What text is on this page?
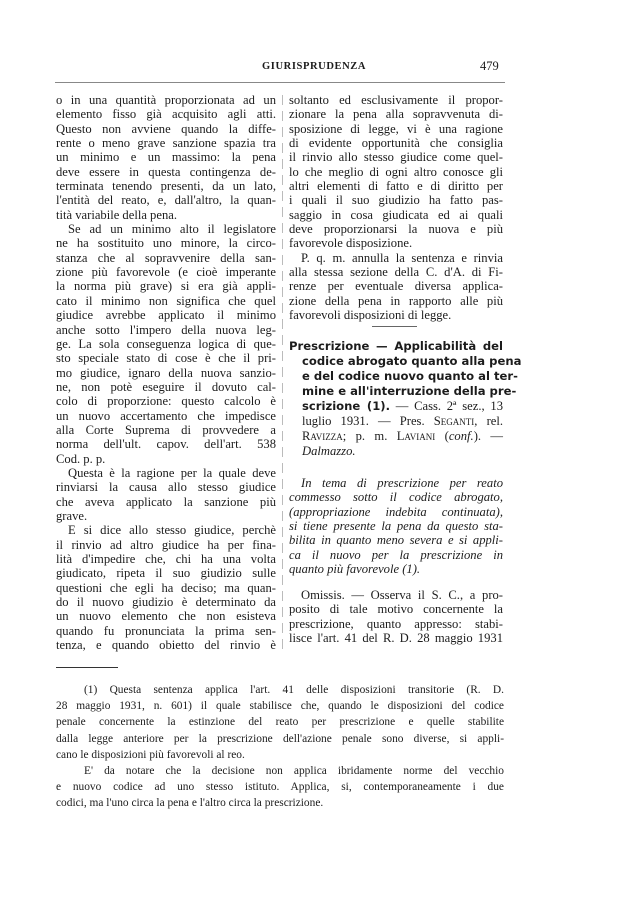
GIURISPRUDENZA	479
o in una quantità proporzionata ad un
elemento fisso già acquisito agli atti.
Questo non avviene quando la diffe-
rente o meno grave sanzione spazia tra
un minimo e un massimo: la pena
deve essere in questa contingenza de-
terminata tenendo presenti, da un lato,
l'entità del reato, e, dall'altro, la quan-
tità variabile della pena.
Se ad un minimo alto il legislatore
ne ha sostituito uno minore, la circo-
stanza che al sopravvenire della san-
zione più favorevole (e cioè imperante
la norma più grave) si era già appli-
cato il minimo non significa che quel
giudice avrebbe applicato il minimo
anche sotto l'impero della nuova leg-
ge. La sola conseguenza logica di que-
sto speciale stato di cose è che il pri-
mo giudice, ignaro della nuova sanzio-
ne, non potè eseguire il dovuto cal-
colo di proporzione: questo calcolo è
un nuovo accertamento che impedisce
alla Corte Suprema di provvedere a
norma dell'ult. capov. dell'art. 538
Cod. p. p.
Questa è la ragione per la quale deve
rinviarsi la causa allo stesso giudice
che aveva applicato la sanzione più
grave.
E si dice allo stesso giudice, perchè
il rinvio ad altro giudice ha per fina-
lità d'impedire che, chi ha una volta
giudicato, ripeta il suo giudizio sulle
questioni che egli ha deciso; ma quan-
do il nuovo giudizio è determinato da
un nuovo elemento che non esisteva
quando fu pronunciata la prima sen-
tenza, e quando obietto del rinvio è
soltanto ed esclusivamente il propor-
zionare la pena alla sopravvenuta di-
sposizione di legge, vi è una ragione
di evidente opportunità che consiglia
il rinvio allo stesso giudice come quel-
lo che meglio di ogni altro conosce gli
altri elementi di fatto e di diritto per
i quali il suo giudizio ha fatto pas-
saggio in cosa giudicata ed ai quali
deve proporzionarsi la nuova e più
favorevole disposizione.
P. q. m. annulla la sentenza e rinvia
alla stessa sezione della C. d'A. di Fi-
renze per eventuale diversa applica-
zione della pena in rapporto alle più
favorevoli disposizioni di legge.
Prescrizione — Applicabilità del
codice abrogato quanto alla pena
e del codice nuovo quanto al ter-
mine e all'interruzione della pre-
scrizione (1). — Cass. 2ª sez., 13
luglio 1931. — Pres. Seganti, rel.
Ravizza; p. m. Laviani (conf.). —
Dalmazzo.
In tema di prescrizione per reato
commesso sotto il codice abrogato,
(appropriazione indebita continuata),
si tiene presente la pena da questo sta-
bilita in quanto meno severa e si appli-
ca il nuovo per la prescrizione in
quanto più favorevole (1).
Omissis. — Osserva il S. C., a pro-
posito di tale motivo concernente la
prescrizione, quanto appresso: stabi-
lisce l'art. 41 del R. D. 28 maggio 1931
(1) Questa sentenza applica l'art. 41 delle disposizioni transitorie (R. D.
28 maggio 1931, n. 601) il quale stabilisce che, quando le disposizioni del codice
penale concernente la estinzione del reato per prescrizione e quelle stabilite
dalla legge anteriore per la prescrizione dell'azione penale sono diverse, si appli-
cano le disposizioni più favorevoli al reo.
E' da notare che la decisione non applica ibridamente norme del vecchio
e nuovo codice ad uno stesso istituto. Applica, si, contemporaneamente i due
codici, ma l'uno circa la pena e l'altro circa la prescrizione.
